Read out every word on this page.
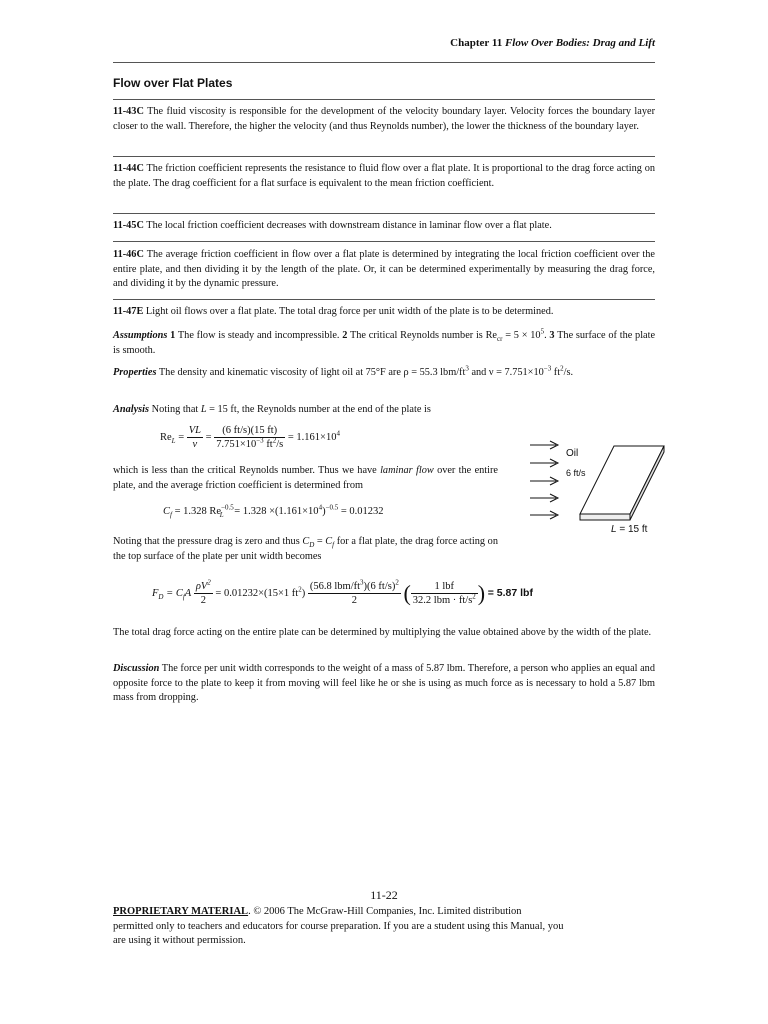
Chapter 11 Flow Over Bodies: Drag and Lift
Flow over Flat Plates
11-43C The fluid viscosity is responsible for the development of the velocity boundary layer. Velocity forces the boundary layer closer to the wall. Therefore, the higher the velocity (and thus Reynolds number), the lower the thickness of the boundary layer.
11-44C The friction coefficient represents the resistance to fluid flow over a flat plate. It is proportional to the drag force acting on the plate. The drag coefficient for a flat surface is equivalent to the mean friction coefficient.
11-45C The local friction coefficient decreases with downstream distance in laminar flow over a flat plate.
11-46C The average friction coefficient in flow over a flat plate is determined by integrating the local friction coefficient over the entire plate, and then dividing it by the length of the plate. Or, it can be determined experimentally by measuring the drag force, and dividing it by the dynamic pressure.
11-47E Light oil flows over a flat plate. The total drag force per unit width of the plate is to be determined.
Assumptions 1 The flow is steady and incompressible. 2 The critical Reynolds number is $Re_{cr} = 5 \times 10^5$. 3 The surface of the plate is smooth.
Properties The density and kinematic viscosity of light oil at 75°F are ρ = 55.3 lbm/$ft^3$ and $\nu = 7.751\times 10^{-3}$ $ft^2/s$.
Analysis Noting that L = 15 ft, the Reynolds number at the end of the plate is
$Re_L = \frac{VL}{\nu} = \frac{(6 ft/s)(15 ft)}{7.751\times 10^{-3} ft^2/s} = 1.161\times 10^4$
which is less than the critical Reynolds number. Thus we have laminar flow over the entire plate, and the average friction coefficient is determined from
$C_f = 1.328$ $Re^{-0.5}_L = 1.328 \times(1.161\times 10^4)^{-0.5} = 0.01232$
Noting that the pressure drag is zero and thus $C_D = C_f$ for a flat plate, the drag force acting on the top surface of the plate per unit width becomes
$F_D = C_fA \frac{\rho V^2}{2} = 0.01232\times(15\times 1$ $ft^2) \frac{(56.8 lbm/ft^3)(6 ft/s)^2}{2}$ ( $\frac{\text{1 lbf}}{32.2 lbm \cdot ft/s^2}$ ) = 5.87 lbf
The total drag force acting on the entire plate can be determined by multiplying the value obtained above by the width of the plate.
Discussion The force per unit width corresponds to the weight of a mass of 5.87 lbm. Therefore, a person who applies an equal and opposite force to the plate to keep it from moving will feel like he or she is using as much force as is necessary to hold a 5.87 lbm mass from dropping.
Oil
6 ft/s
L = 15 ft
11-22
PROPRIETARY MATERIAL. © 2006 The McGraw-Hill Companies, Inc. Limited distribution
permitted only to teachers and educators for course preparation. If you are a student using this Manual, you
are using it without permission.
